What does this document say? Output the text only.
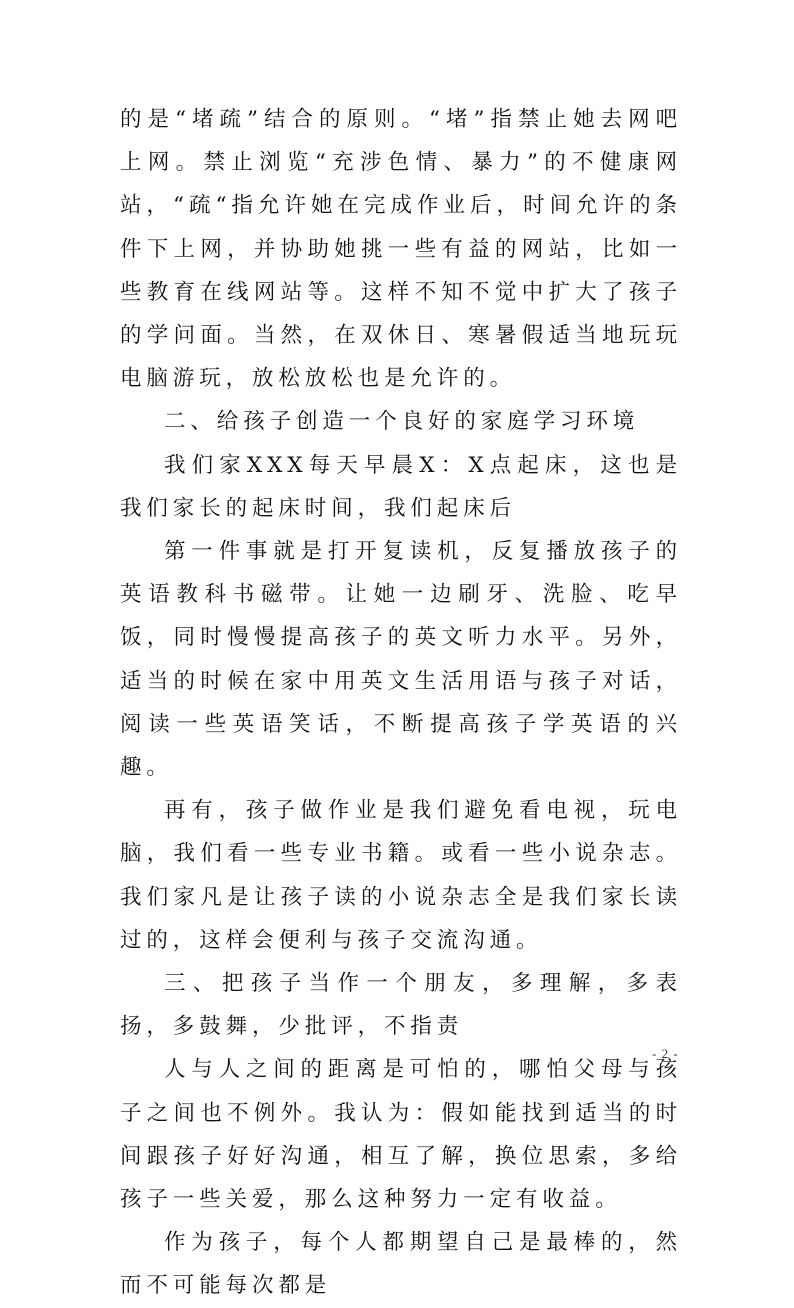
的是“堵疏”结合的原则。“堵”指禁止她去网吧上网。禁止浏览“充涉色情、暴力”的不健康网站，“疏“指允许她在完成作业后，时间允许的条件下上网，并协助她挑一些有益的网站，比如一些教育在线网站等。这样不知不觉中扩大了孩子的学问面。当然，在双休日、寒暑假适当地玩玩电脑游玩，放松放松也是允许的。

二、给孩子创造一个良好的家庭学习环境

我们家XXX每天早晨X：X点起床，这也是我们家长的起床时间，我们起床后

第一件事就是打开复读机，反复播放孩子的英语教科书磁带。让她一边刷牙、洗脸、吃早饭，同时慢慢提高孩子的英文听力水平。另外，适当的时候在家中用英文生活用语与孩子对话，阅读一些英语笑话，不断提高孩子学英语的兴趣。

再有，孩子做作业是我们避免看电视，玩电脑，我们看一些专业书籍。或看一些小说杂志。我们家凡是让孩子读的小说杂志全是我们家长读过的，这样会便利与孩子交流沟通。

三、把孩子当作一个朋友，多理解，多表扬，多鼓舞，少批评，不指责

人与人之间的距离是可怕的，哪怕父母与孩子之间也不例外。我认为：假如能找到适当的时间跟孩子好好沟通，相互了解，换位思索，多给孩子一些关爱，那么这种努力一定有收益。

作为孩子，每个人都期望自己是最棒的，然而不可能每次都是

- 2 -
